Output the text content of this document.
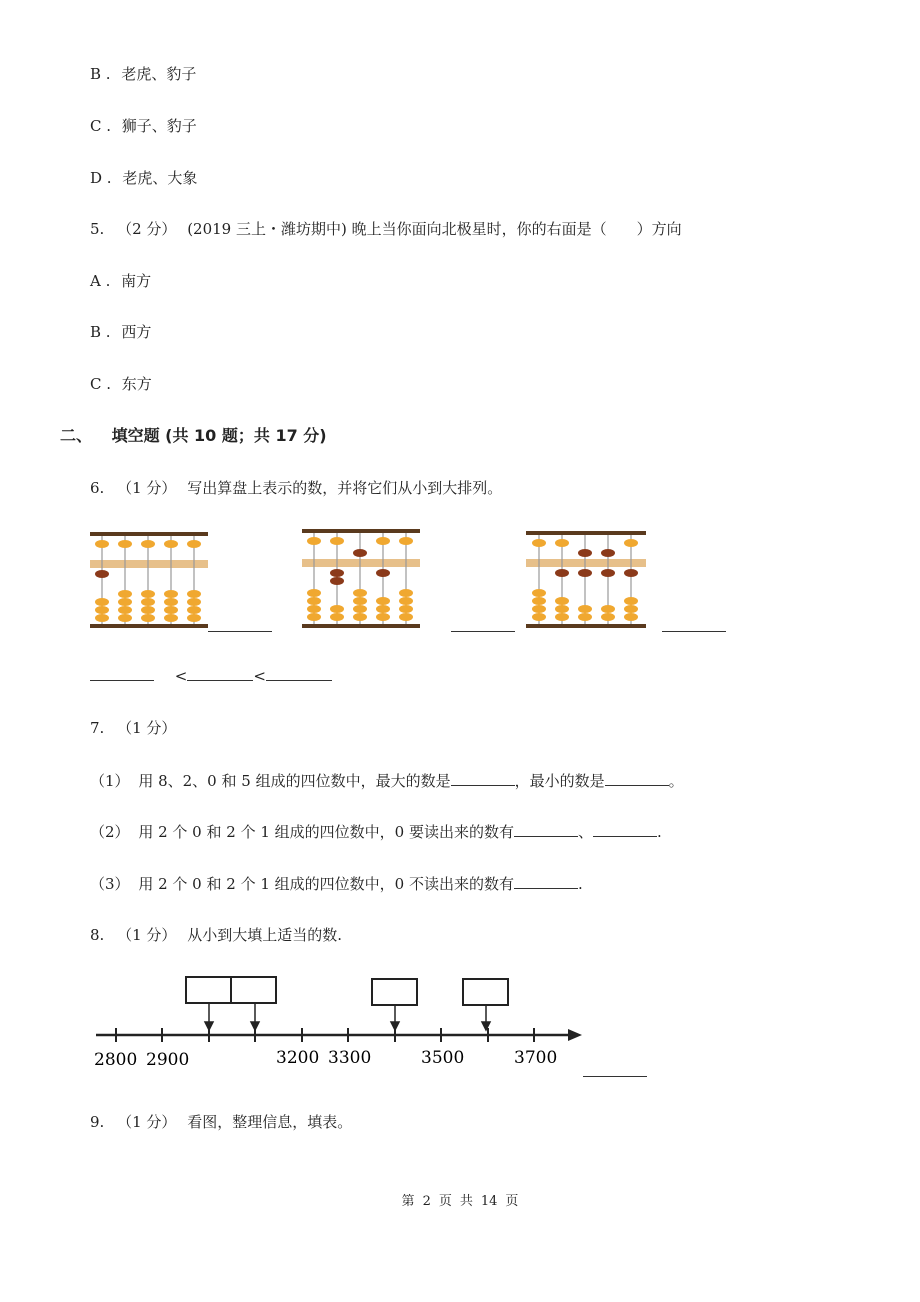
B . 老虎、豹子
C . 狮子、豹子
D . 老虎、大象
5. （2 分） (2019 三上・潍坊期中) 晚上当你面向北极星时，你的右面是（　　）方向
A . 南方
B . 西方
C . 东方
二、 填空题 (共 10 题；共 17 分)
6. （1 分） 写出算盘上表示的数，并将它们从小到大排列。
<	<
7. （1 分）
（1） 用 8、2、0 和 5 组成的四位数中，最大的数是	，最小的数是	。
（2） 用 2 个 0 和 2 个 1 组成的四位数中，0 要读出来的数有	、	.
（3） 用 2 个 0 和 2 个 1 组成的四位数中，0 不读出来的数有	.
8. （1 分） 从小到大填上适当的数.
2800 2900	3200 3300	3500	3700
9. （1 分） 看图，整理信息，填表。
第 2 页 共 14 页
